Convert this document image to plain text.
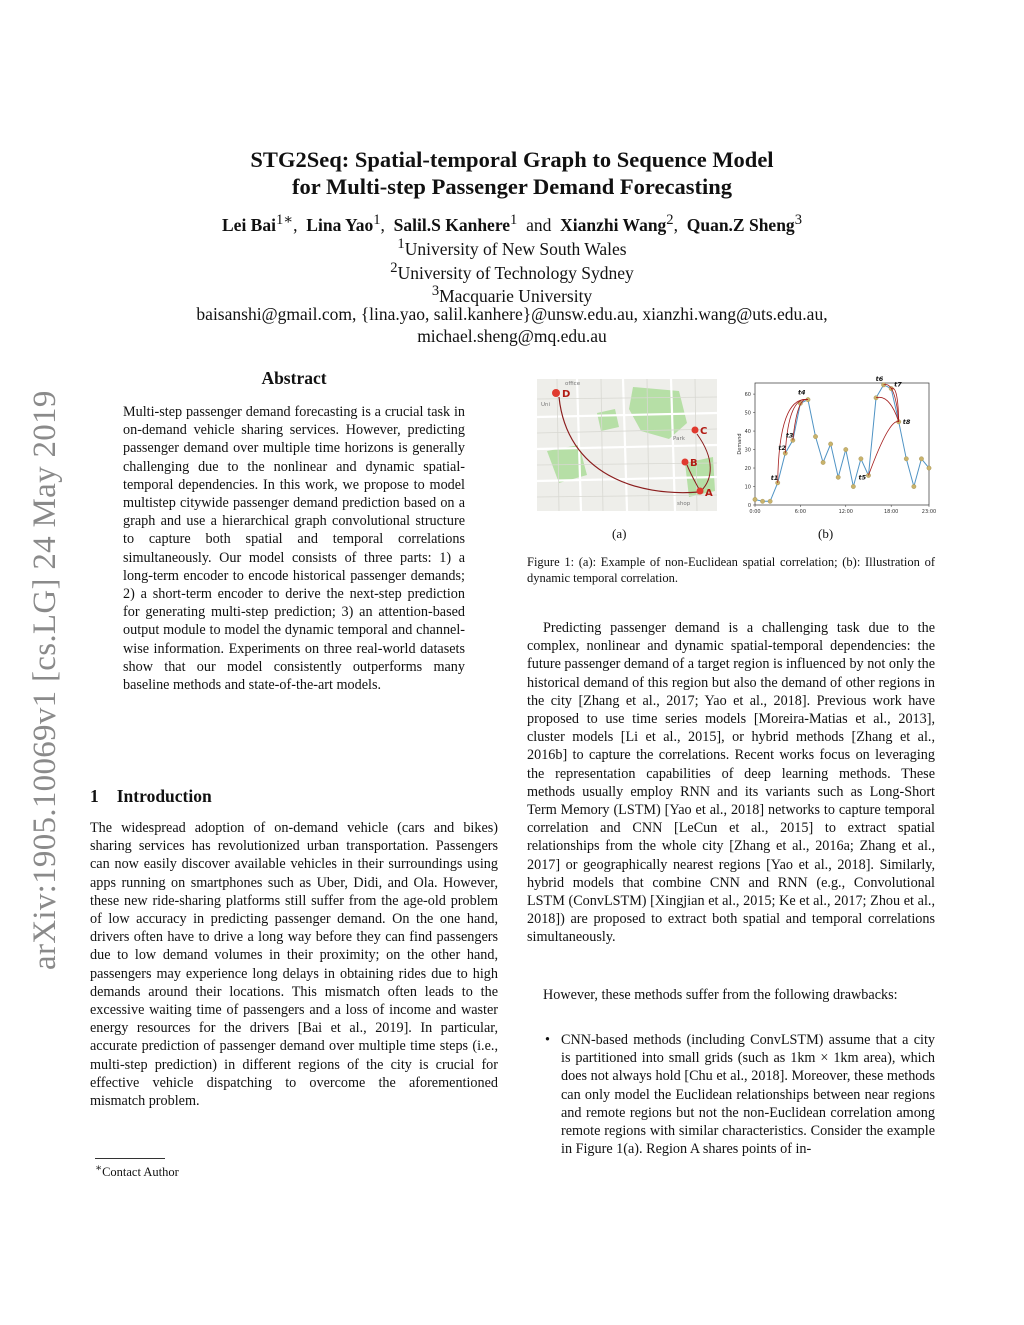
arXiv:1905.10069v1 [cs.LG] 24 May 2019
STG2Seq: Spatial-temporal Graph to Sequence Model
for Multi-step Passenger Demand Forecasting
Lei Bai$^{1∗}$,  Lina Yao$^1$,  Salil.S Kanhere$^1$ and Xianzhi Wang$^2$,  Quan.Z Sheng$^3$
$^1$University of New South Wales
$^2$University of Technology Sydney
$^3$Macquarie University
baisanshi@gmail.com, {lina.yao, salil.kanhere}@unsw.edu.au, xianzhi.wang@uts.edu.au,
michael.sheng@mq.edu.au
Abstract
Multi-step passenger demand forecasting is a crucial task in on-demand vehicle sharing services. However, predicting passenger demand over multiple time horizons is generally challenging due to the nonlinear and dynamic spatial-temporal dependencies. In this work, we propose to model multistep citywide passenger demand prediction based on a graph and use a hierarchical graph convolutional structure to capture both spatial and temporal correlations simultaneously. Our model consists of three parts: 1) a long-term encoder to encode historical passenger demands; 2) a short-term encoder to derive the next-step prediction for generating multi-step prediction; 3) an attention-based output module to model the dynamic temporal and channel-wise information. Experiments on three real-world datasets show that our model consistently outperforms many baseline methods and state-of-the-art models.
1 Introduction
The widespread adoption of on-demand vehicle (cars and bikes) sharing services has revolutionized urban transportation. Passengers can now easily discover available vehicles in their surroundings using apps running on smartphones such as Uber, Didi, and Ola. However, these new ride-sharing platforms still suffer from the age-old problem of low accuracy in predicting passenger demand. On the one hand, drivers often have to drive a long way before they can find passengers due to low demand volumes in their proximity; on the other hand, passengers may experience long delays in obtaining rides due to high demands around their locations. This mismatch often leads to the excessive waiting time of passengers and a loss of income and waster energy resources for the drivers [Bai et al., 2019]. In particular, accurate prediction of passenger demand over multiple time steps (i.e., multi-step prediction) in different regions of the city is crucial for effective vehicle dispatching to overcome the aforementioned mismatch problem.
∗Contact Author
D
C
B
A
Uni
Park
shop
office
0
10
20
30
40
50
60
0:00	6:00	12:00	18:00	23:00
Demand
t1
t2
t3
t4
t5
t6
t7
t8
(a)	(b)
Figure 1: (a): Example of non-Euclidean spatial correlation; (b): Illustration of dynamic temporal correlation.
Predicting passenger demand is a challenging task due to the complex, nonlinear and dynamic spatial-temporal dependencies: the future passenger demand of a target region is influenced by not only the historical demand of this region but also the demand of other regions in the city [Zhang et al., 2017; Yao et al., 2018]. Previous work have proposed to use time series models [Moreira-Matias et al., 2013], cluster models [Li et al., 2015], or hybrid methods [Zhang et al., 2016b] to capture the correlations. Recent works focus on leveraging the representation capabilities of deep learning methods. These methods usually employ RNN and its variants such as Long-Short Term Memory (LSTM) [Yao et al., 2018] networks to capture temporal correlation and CNN [LeCun et al., 2015] to extract spatial relationships from the whole city [Zhang et al., 2016a; Zhang et al., 2017] or geographically nearest regions [Yao et al., 2018]. Similarly, hybrid models that combine CNN and RNN (e.g., Convolutional LSTM (ConvLSTM) [Xingjian et al., 2015; Ke et al., 2017; Zhou et al., 2018]) are proposed to extract both spatial and temporal correlations simultaneously.
However, these methods suffer from the following drawbacks:
• CNN-based methods (including ConvLSTM) assume that a city is partitioned into small grids (such as 1km × 1km area), which does not always hold [Chu et al., 2018]. Moreover, these methods can only model the Euclidean relationships between near regions and remote regions but not the non-Euclidean correlation among remote regions with similar characteristics. Consider the example in Figure 1(a). Region A shares points of in-
